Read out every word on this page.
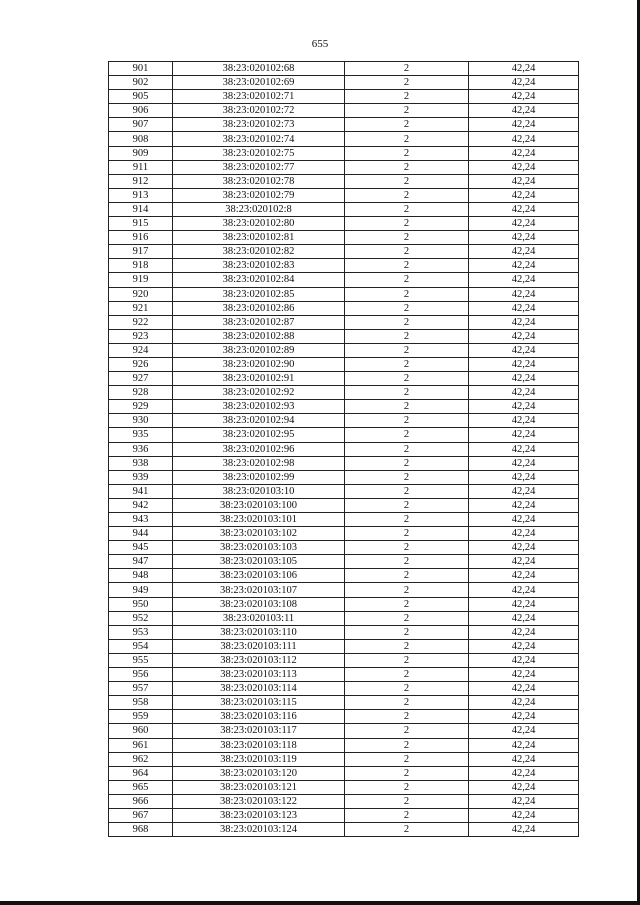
655
901	38:23:020102:68	2	42,24
902	38:23:020102:69	2	42,24
905	38:23:020102:71	2	42,24
906	38:23:020102:72	2	42,24
907	38:23:020102:73	2	42,24
908	38:23:020102:74	2	42,24
909	38:23:020102:75	2	42,24
911	38:23:020102:77	2	42,24
912	38:23:020102:78	2	42,24
913	38:23:020102:79	2	42,24
914	38:23:020102:8	2	42,24
915	38:23:020102:80	2	42,24
916	38:23:020102:81	2	42,24
917	38:23:020102:82	2	42,24
918	38:23:020102:83	2	42,24
919	38:23:020102:84	2	42,24
920	38:23:020102:85	2	42,24
921	38:23:020102:86	2	42,24
922	38:23:020102:87	2	42,24
923	38:23:020102:88	2	42,24
924	38:23:020102:89	2	42,24
926	38:23:020102:90	2	42,24
927	38:23:020102:91	2	42,24
928	38:23:020102:92	2	42,24
929	38:23:020102:93	2	42,24
930	38:23:020102:94	2	42,24
935	38:23:020102:95	2	42,24
936	38:23:020102:96	2	42,24
938	38:23:020102:98	2	42,24
939	38:23:020102:99	2	42,24
941	38:23:020103:10	2	42,24
942	38:23:020103:100	2	42,24
943	38:23:020103:101	2	42,24
944	38:23:020103:102	2	42,24
945	38:23:020103:103	2	42,24
947	38:23:020103:105	2	42,24
948	38:23:020103:106	2	42,24
949	38:23:020103:107	2	42,24
950	38:23:020103:108	2	42,24
952	38:23:020103:11	2	42,24
953	38:23:020103:110	2	42,24
954	38:23:020103:111	2	42,24
955	38:23:020103:112	2	42,24
956	38:23:020103:113	2	42,24
957	38:23:020103:114	2	42,24
958	38:23:020103:115	2	42,24
959	38:23:020103:116	2	42,24
960	38:23:020103:117	2	42,24
961	38:23:020103:118	2	42,24
962	38:23:020103:119	2	42,24
964	38:23:020103:120	2	42,24
965	38:23:020103:121	2	42,24
966	38:23:020103:122	2	42,24
967	38:23:020103:123	2	42,24
968	38:23:020103:124	2	42,24
